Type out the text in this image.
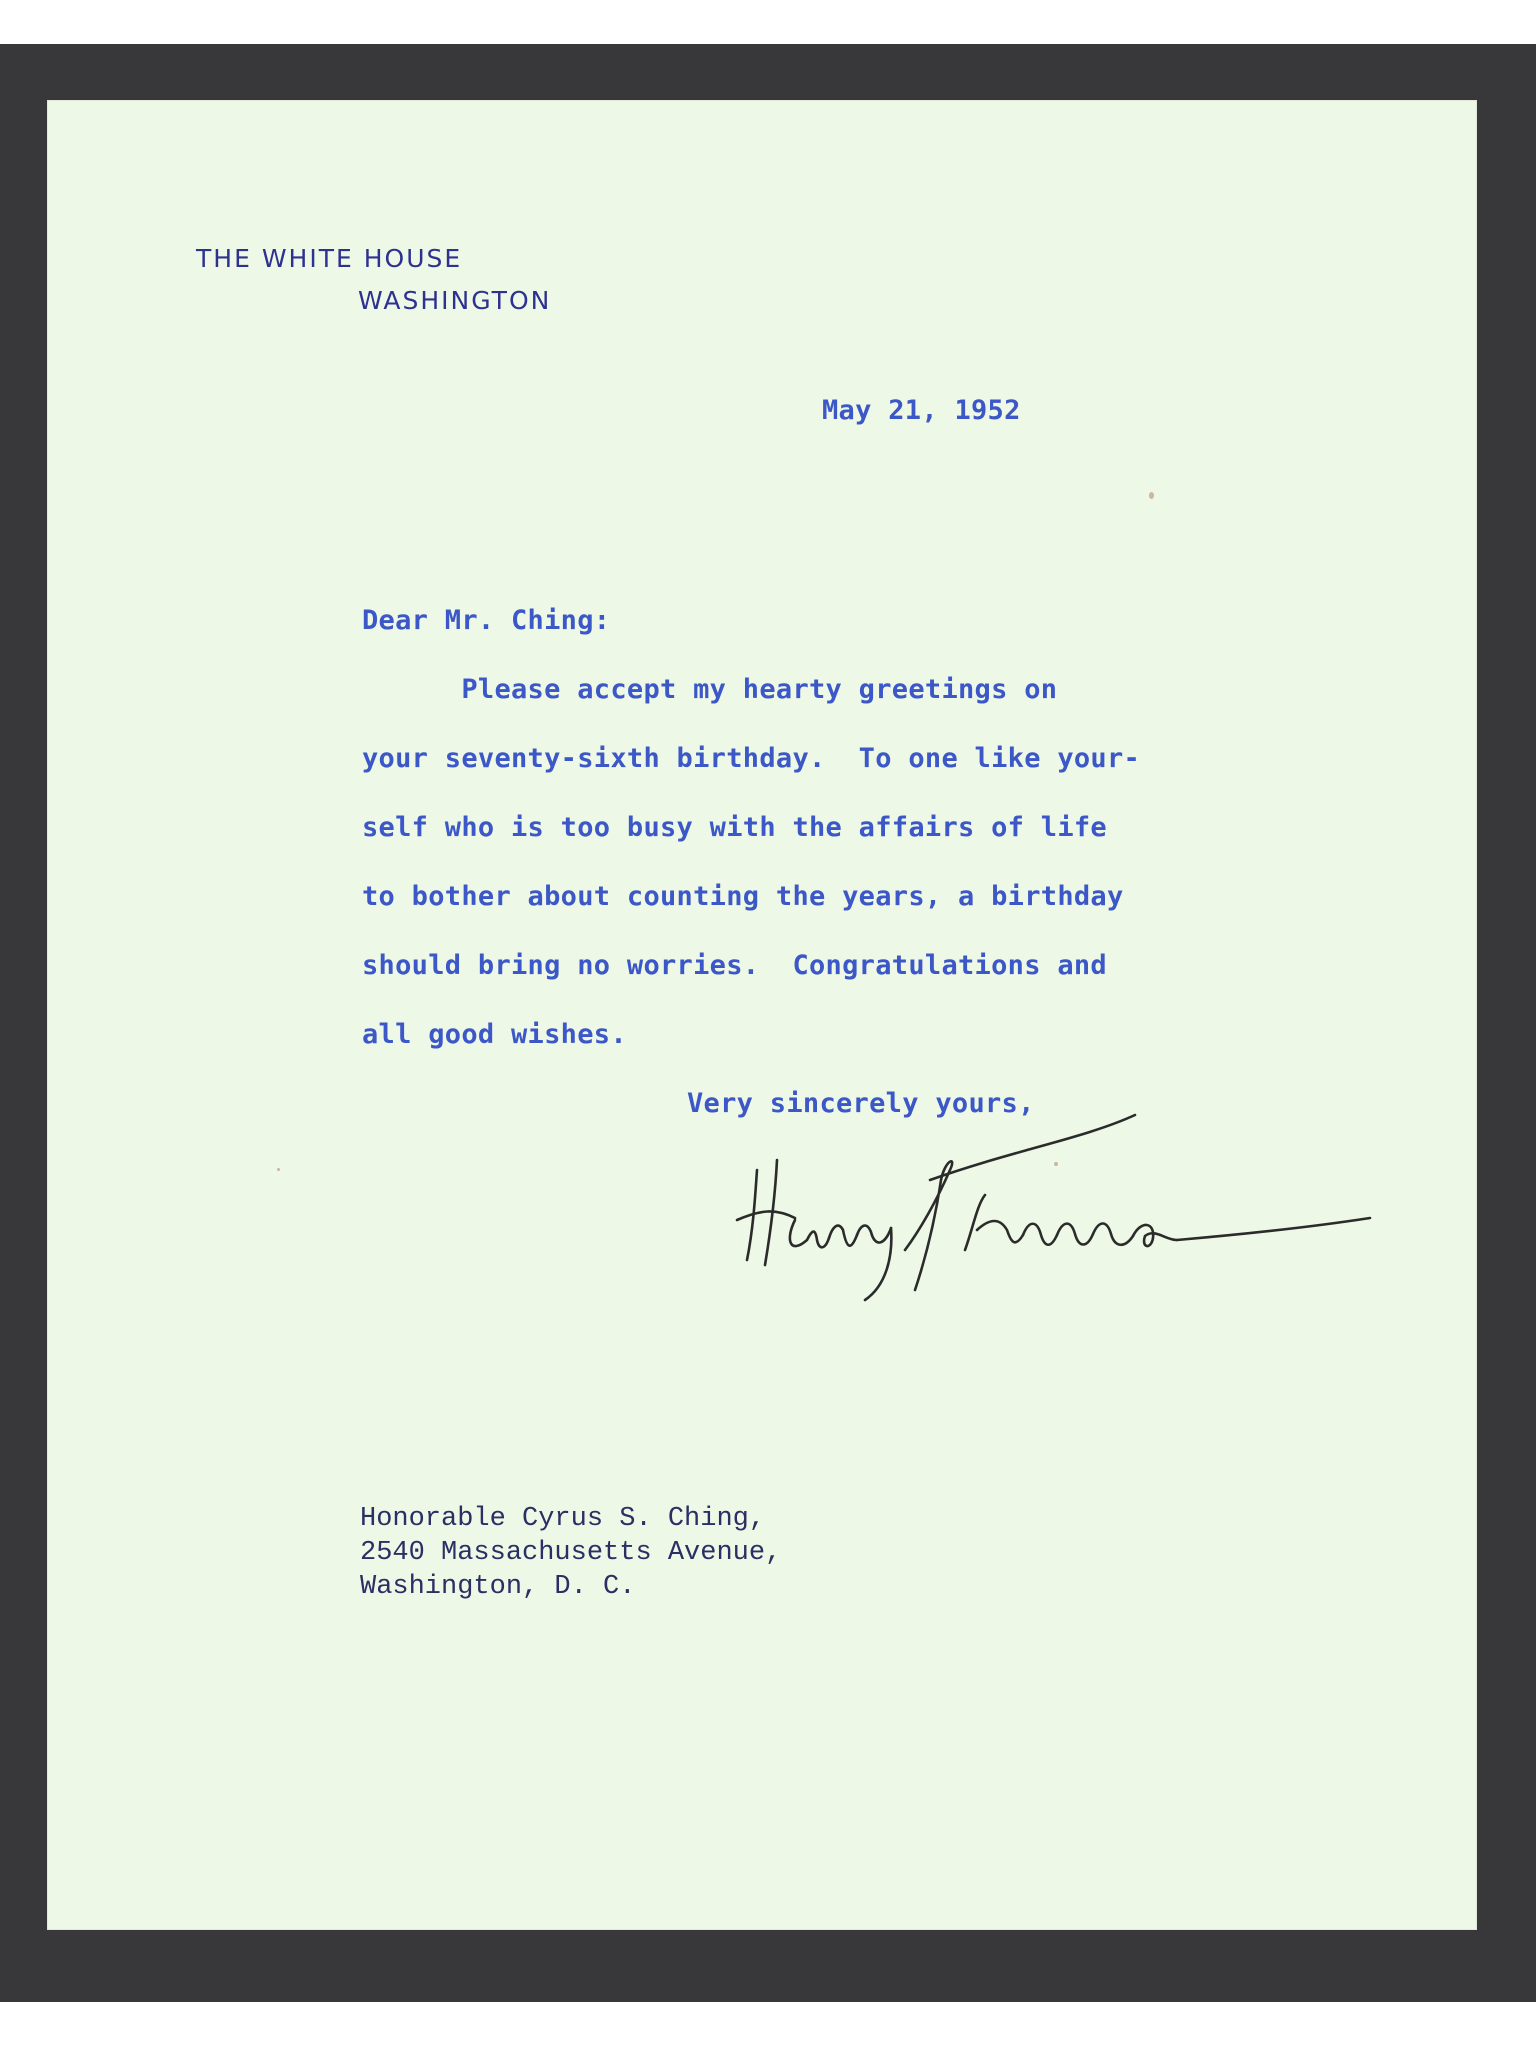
THE WHITE HOUSE
WASHINGTON
May 21, 1952
Dear Mr. Ching:
Please accept my hearty greetings on
your seventy-sixth birthday.  To one like your-
self who is too busy with the affairs of life
to bother about counting the years, a birthday
should bring no worries.  Congratulations and
all good wishes.
Very sincerely yours,
Honorable Cyrus S. Ching,
2540 Massachusetts Avenue,
Washington, D. C.
